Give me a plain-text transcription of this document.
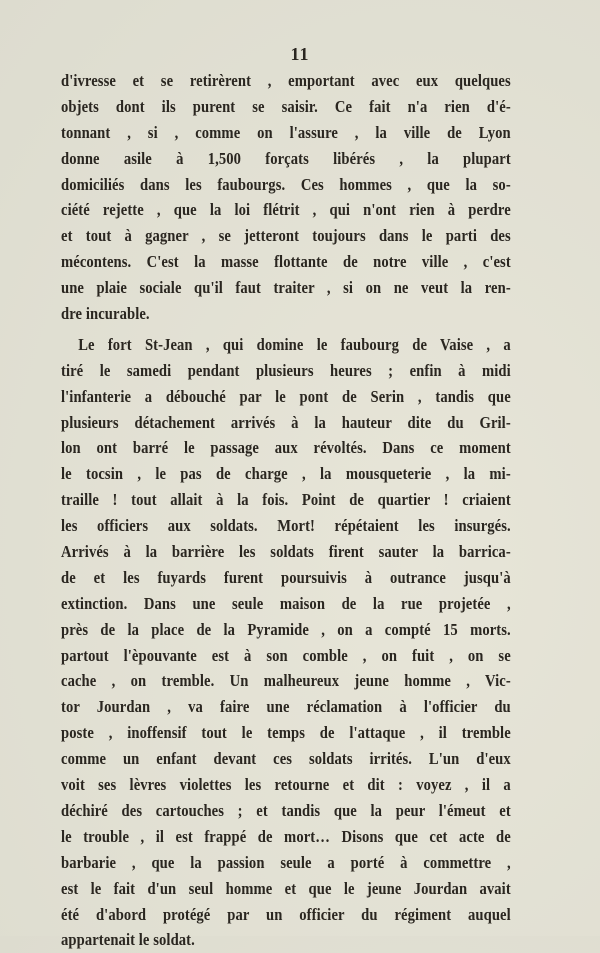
11
d'ivresse et se retirèrent , emportant avec eux quelques
objets dont ils purent se saisir. Ce fait n'a rien d'é-
tonnant , si , comme on l'assure , la ville de Lyon
donne asile à 1,500 forçats libérés , la plupart
domiciliés dans les faubourgs. Ces hommes , que la so-
ciété rejette , que la loi flétrit , qui n'ont rien à perdre
et tout à gagner , se jetteront toujours dans le parti des
mécontens. C'est la masse flottante de notre ville , c'est
une plaie sociale qu'il faut traiter , si on ne veut la ren-
dre incurable.
Le fort St-Jean , qui domine le faubourg de Vaise , a
tiré le samedi pendant plusieurs heures ; enfin à midi
l'infanterie a débouché par le pont de Serin , tandis que
plusieurs détachement arrivés à la hauteur dite du Gril-
lon ont barré le passage aux révoltés. Dans ce moment
le tocsin , le pas de charge , la mousqueterie , la mi-
traille ! tout allait à la fois. Point de quartier ! criaient
les officiers aux soldats. Mort! répétaient les insurgés.
Arrivés à la barrière les soldats firent sauter la barrica-
de et les fuyards furent poursuivis à outrance jusqu'à
extinction. Dans une seule maison de la rue projetée ,
près de la place de la Pyramide , on a compté 15 morts.
partout l'èpouvante est à son comble , on fuit , on se
cache , on tremble. Un malheureux jeune homme , Vic-
tor Jourdan , va faire une réclamation à l'officier du
poste , inoffensif tout le temps de l'attaque , il tremble
comme un enfant devant ces soldats irrités. L'un d'eux
voit ses lèvres violettes les retourne et dit : voyez , il a
déchiré des cartouches ; et tandis que la peur l'émeut et
le trouble , il est frappé de mort… Disons que cet acte de
barbarie , que la passion seule a porté à commettre ,
est le fait d'un seul homme et que le jeune Jourdan avait
été d'abord protégé par un officier du régiment auquel
appartenait le soldat.
